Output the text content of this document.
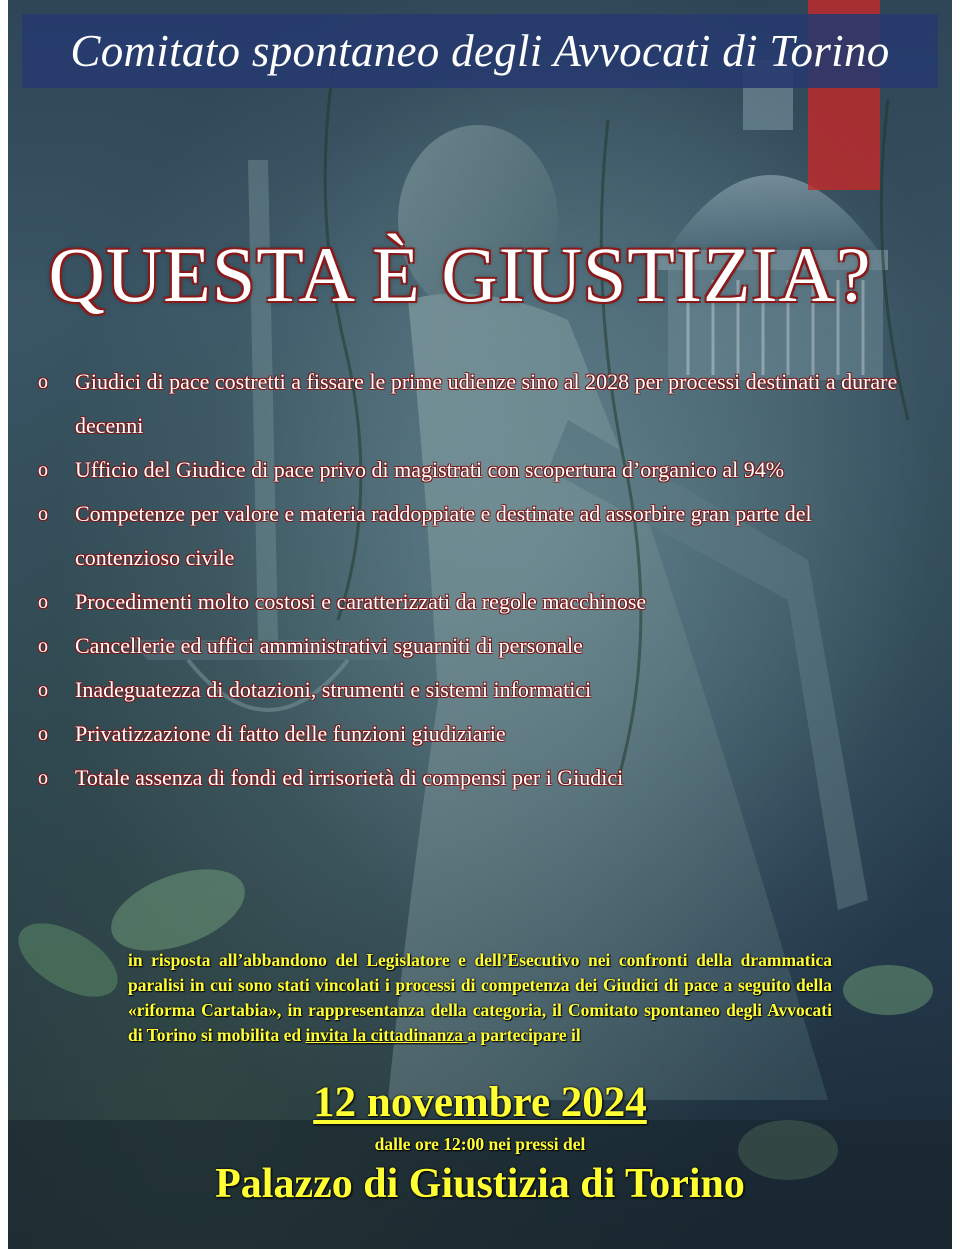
Comitato spontaneo degli Avvocati di Torino
QUESTA È GIUSTIZIA?
o Giudici di pace costretti a fissare le prime udienze sino al 2028 per processi destinati a durare decenni
o Ufficio del Giudice di pace privo di magistrati con scopertura d’organico al 94%
o Competenze per valore e materia raddoppiate e destinate ad assorbire gran parte del contenzioso civile
o Procedimenti molto costosi e caratterizzati da regole macchinose
o Cancellerie ed uffici amministrativi sguarniti di personale
o Inadeguatezza di dotazioni, strumenti e sistemi informatici
o Privatizzazione di fatto delle funzioni giudiziarie
o Totale assenza di fondi ed irrisorietà di compensi per i Giudici

in risposta all’abbandono del Legislatore e dell’Esecutivo nei confronti della drammatica paralisi in cui sono stati vincolati i processi di competenza dei Giudici di pace a seguito della «riforma Cartabia», in rappresentanza della categoria, il Comitato spontaneo degli Avvocati di Torino si mobilita ed invita la cittadinanza a partecipare il

12 novembre 2024
dalle ore 12:00 nei pressi del
Palazzo di Giustizia di Torino
